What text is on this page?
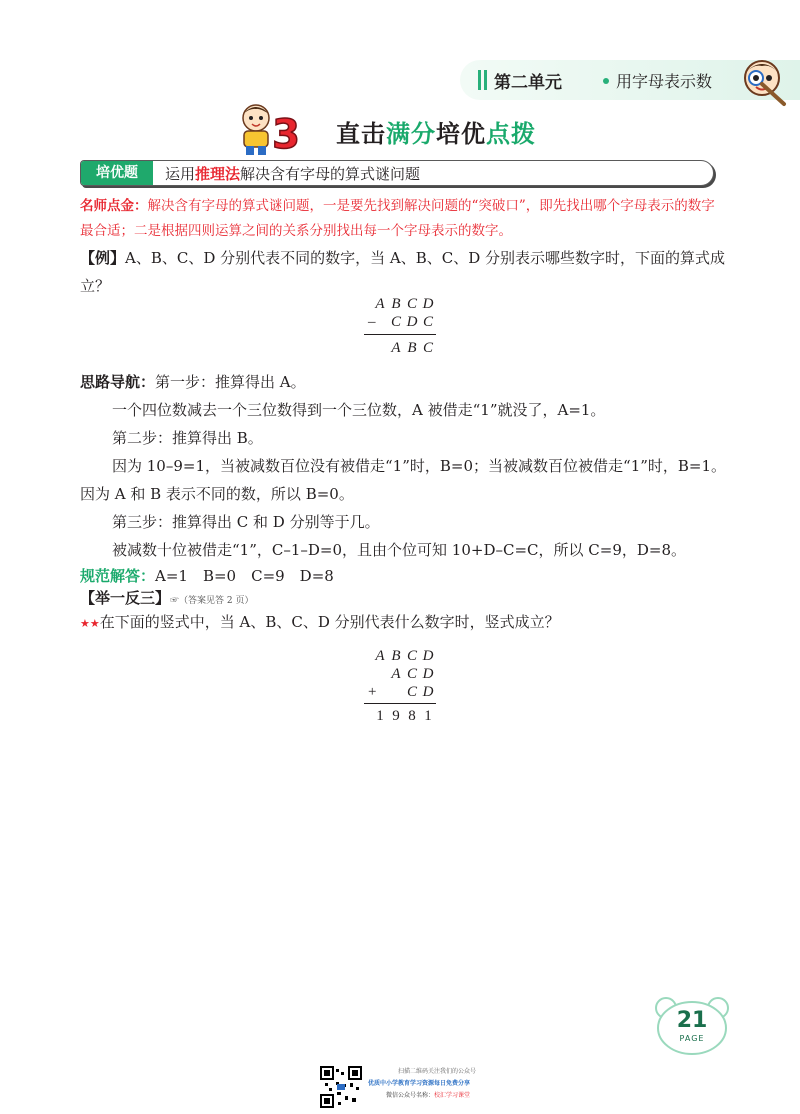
第二单元	用字母表示数
3 直击满分培优点拨
培优题	运用推理法解决含有字母的算式谜问题
名师点金：解决含有字母的算式谜问题，一是要先找到解决问题的“突破口”，即先找出哪个字母表示的数字最合适；二是根据四则运算之间的关系分别找出每一个字母表示的数字。
【例】A、B、C、D 分别代表不同的数字，当 A、B、C、D 分别表示哪些数字时，下面的算式成立？
A B C D
– C D C
A B C
思路导航：第一步：推算得出 A。
一个四位数减去一个三位数得到一个三位数，A 被借走“1”就没了，A=1。
第二步：推算得出 B。
因为 10–9=1，当被减数百位没有被借走“1”时，B=0；当被减数百位被借走“1”时，B=1。因为 A 和 B 表示不同的数，所以 B=0。
第三步：推算得出 C 和 D 分别等于几。
被减数十位被借走“1”，C–1–D=0，且由个位可知 10+D–C=C，所以 C=9，D=8。
规范解答：A=1　B=0　C=9　D=8
【举一反三】☞（答案见答 2 页）
★★在下面的竖式中，当 A、B、C、D 分别代表什么数字时，竖式成立？
A B C D
A C D
+ C D
1 9 8 1
21
PAGE
扫描二维码关注我们的公众号
优质中小学教育学习资源每日免费分享
微信公众号名称：校汇学习课堂
